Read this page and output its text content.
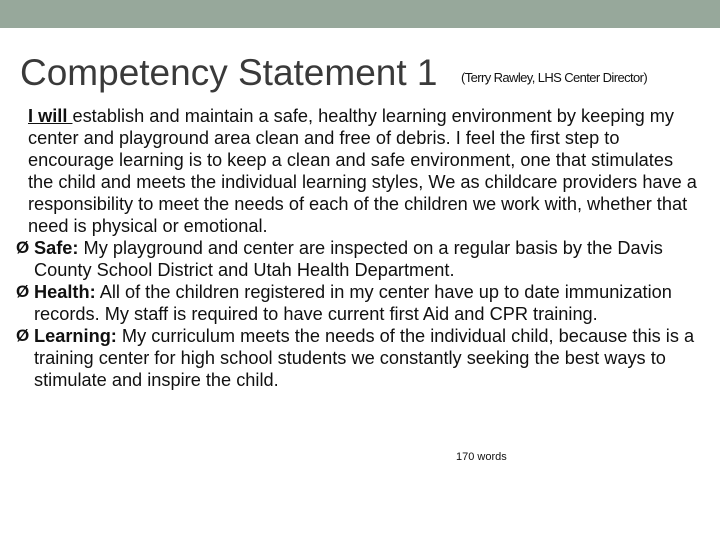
Competency Statement 1 (Terry Rawley, LHS Center Director)

I will establish and maintain a safe, healthy learning environment by keeping my center and playground area clean and free of debris. I feel the first step to encourage learning is to keep a clean and safe environment, one that stimulates the child and meets the individual learning styles, We as childcare providers have a responsibility to meet the needs of each of the children we work with, whether that need is physical or emotional.

Ø Safe: My playground and center are inspected on a regular basis by the Davis County School District and Utah Health Department.

Ø Health: All of the children registered in my center have up to date immunization records. My staff is required to have current first Aid and CPR training.

Ø Learning: My curriculum meets the needs of the individual child, because this is a training center for high school students we constantly seeking the best ways to stimulate and inspire the child.

170 words
